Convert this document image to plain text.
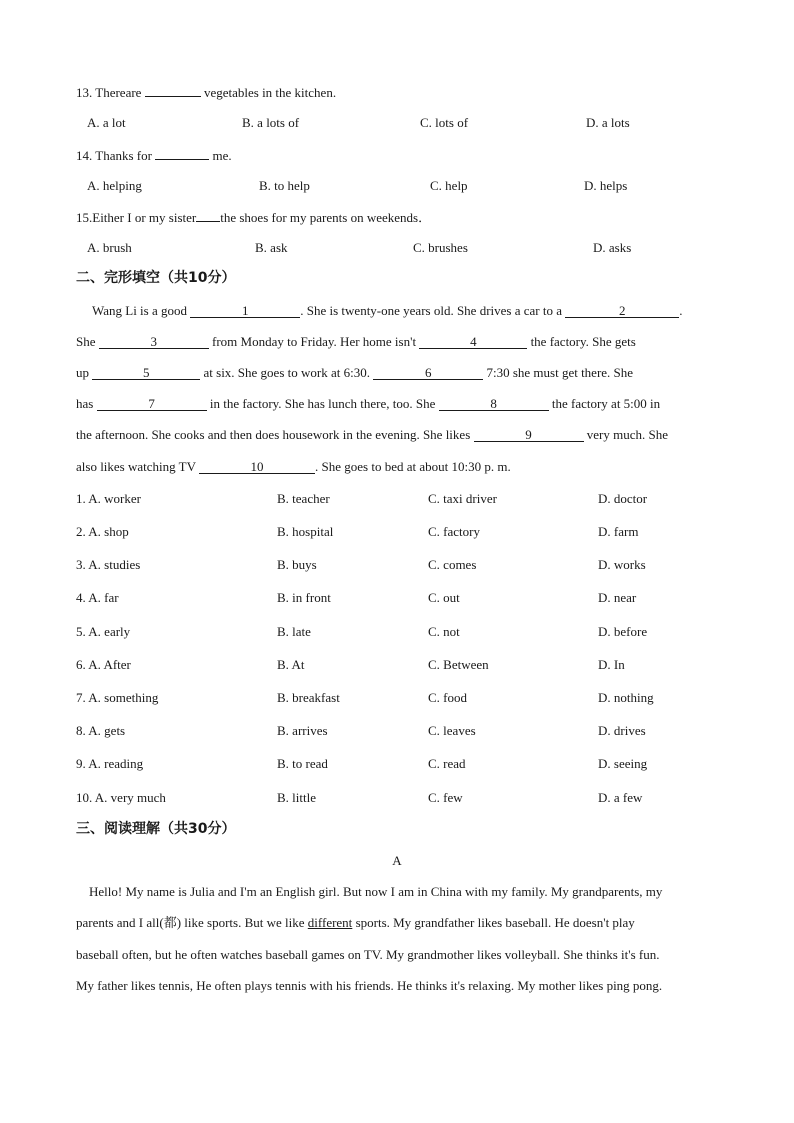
13. Thereare	vegetables in the kitchen.
A. a lot	B. a lots of	C. lots of	D. a lots
14. Thanks for	me.
A. helping	B. to help	C. help	D. helps
15.Either I or my sister the shoes for my parents on weekends．
A. brush	B. ask	C. brushes	D. asks
二、完形填空（共10分）
Wang Li is a good	1	. She is twenty-one years old. She drives a car to a	2	.
She	3	from Monday to Friday. Her home isn't	4	the factory. She gets
up	5	at six. She goes to work at 6:30.	6	7:30 she must get there. She
has	7	in the factory. She has lunch there, too. She	8	the factory at 5:00 in
the afternoon. She cooks and then does housework in the evening. She likes	9	very much. She
also likes watching TV	10	. She goes to bed at about 10:30 p. m.
1. A. worker	B. teacher	C. taxi driver	D. doctor
2. A. shop	B. hospital	C. factory	D. farm
3. A. studies	B. buys	C. comes	D. works
4. A. far	B. in front	C. out	D. near
5. A. early	B. late	C. not	D. before
6. A. After	B. At	C. Between	D. In
7. A. something	B. breakfast	C. food	D. nothing
8. A. gets	B. arrives	C. leaves	D. drives
9. A. reading	B. to read	C. read	D. seeing
10. A. very much	B. little	C. few	D. a few
三、阅读理解（共30分）
A
Hello! My name is Julia and I'm an English girl. But now I am in China with my family. My grandparents, my
parents and I all(都) like sports. But we like different sports. My grandfather likes baseball. He doesn't play
baseball often, but he often watches baseball games on TV. My grandmother likes volleyball. She thinks it's fun.
My father likes tennis, He often plays tennis with his friends. He thinks it's relaxing. My mother likes ping pong.
